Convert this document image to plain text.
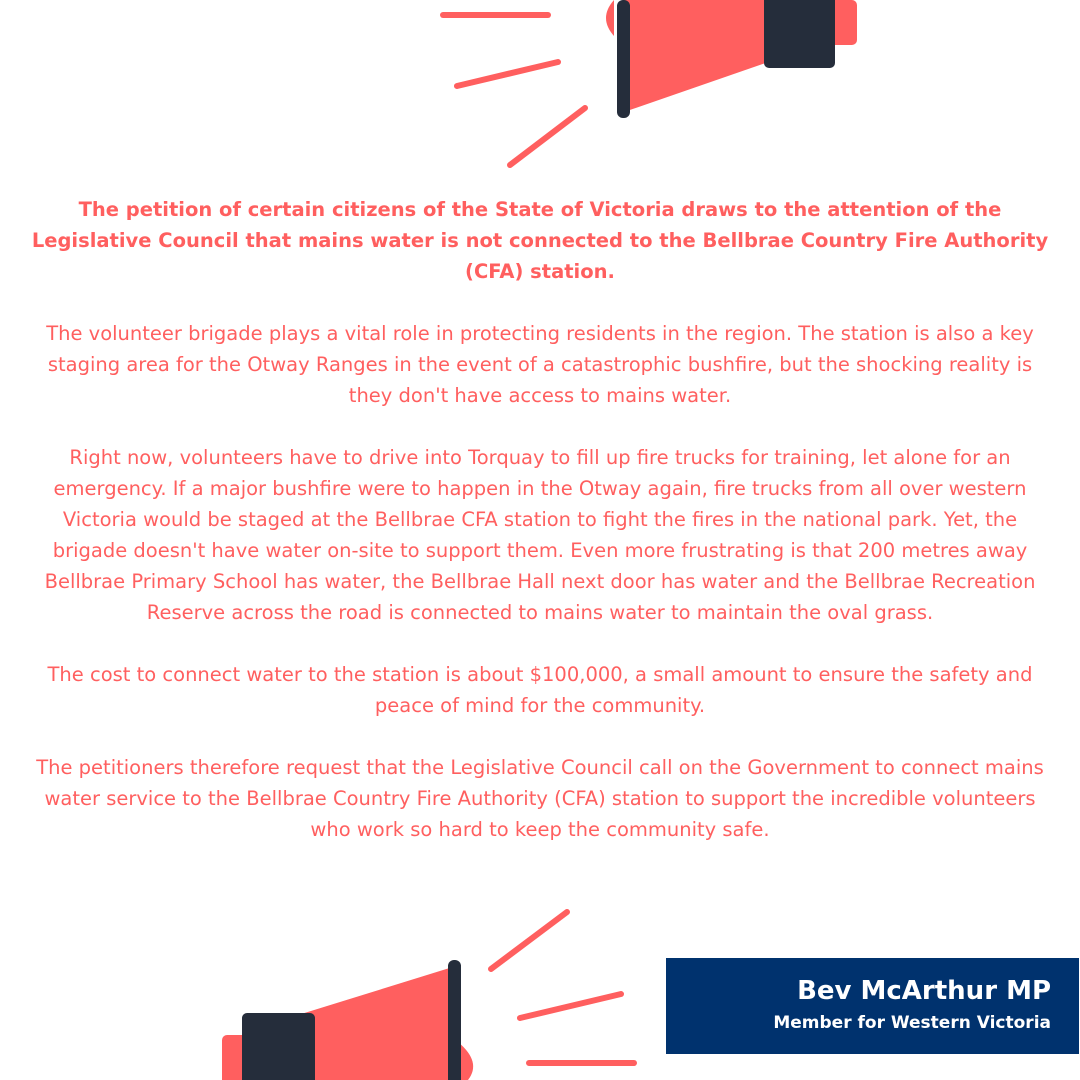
The petition of certain citizens of the State of Victoria draws to the attention of the Legislative Council that mains water is not connected to the Bellbrae Country Fire Authority (CFA) station.

The volunteer brigade plays a vital role in protecting residents in the region. The station is also a key staging area for the Otway Ranges in the event of a catastrophic bushfire, but the shocking reality is they don't have access to mains water.

Right now, volunteers have to drive into Torquay to fill up fire trucks for training, let alone for an emergency. If a major bushfire were to happen in the Otway again, fire trucks from all over western Victoria would be staged at the Bellbrae CFA station to fight the fires in the national park. Yet, the brigade doesn't have water on-site to support them. Even more frustrating is that 200 metres away Bellbrae Primary School has water, the Bellbrae Hall next door has water and the Bellbrae Recreation Reserve across the road is connected to mains water to maintain the oval grass.

The cost to connect water to the station is about $100,000, a small amount to ensure the safety and peace of mind for the community.

The petitioners therefore request that the Legislative Council call on the Government to connect mains water service to the Bellbrae Country Fire Authority (CFA) station to support the incredible volunteers who work so hard to keep the community safe.

Bev McArthur MP
Member for Western Victoria
